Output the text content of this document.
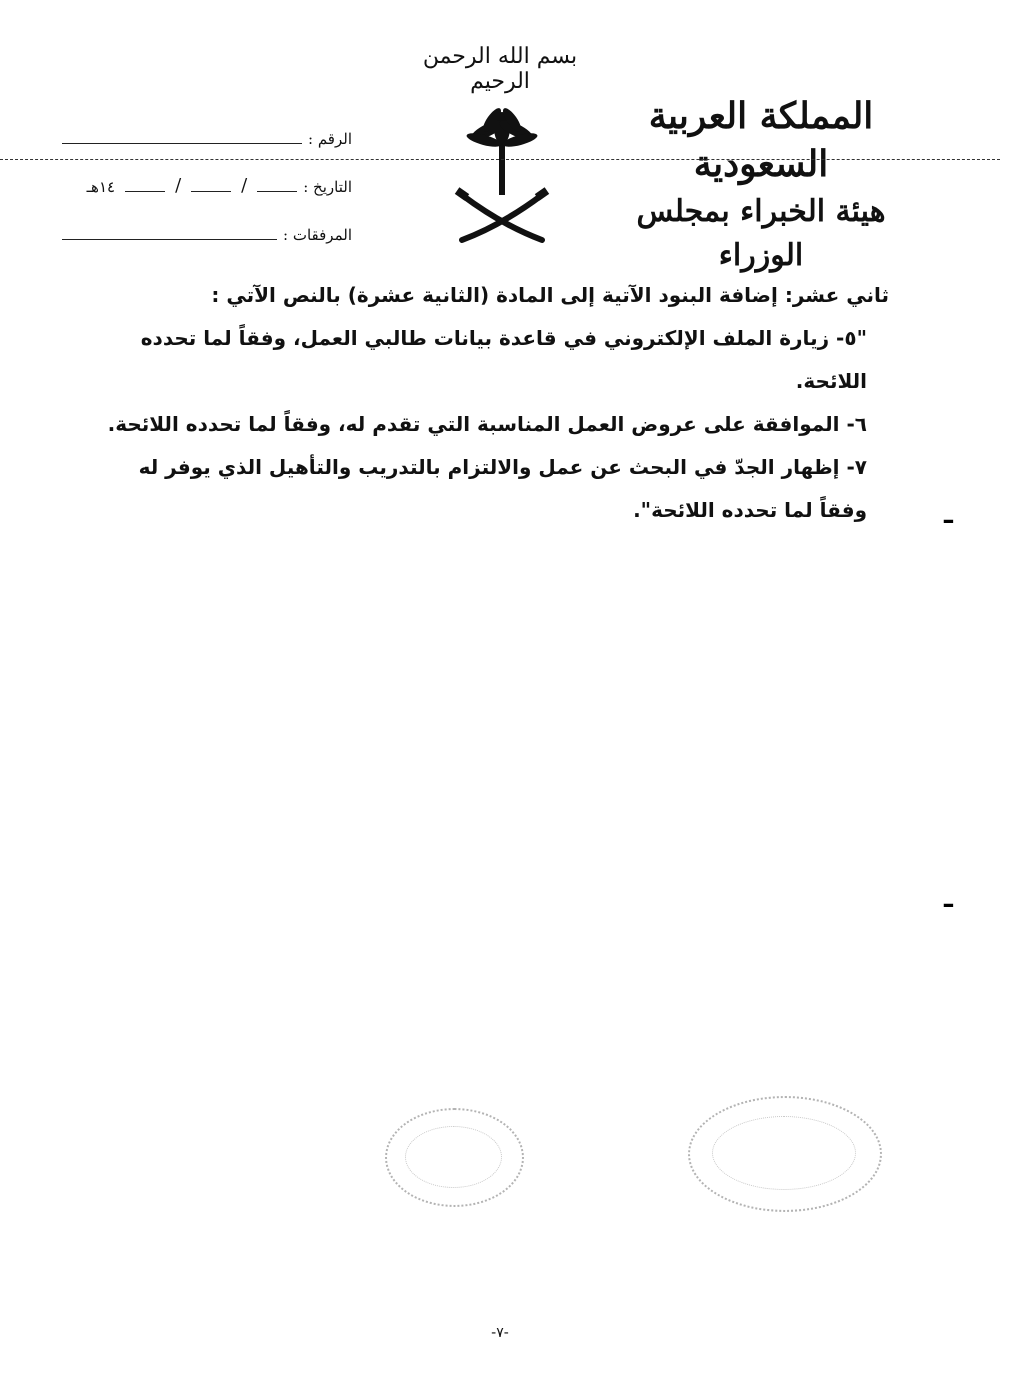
بسم الله الرحمن الرحيم
المملكة العربية السعودية
هيئة الخبراء بمجلس الوزراء
الرقم :
التاريخ :
/
/
١٤هـ
المرفقات :

ثاني عشر: إضافة البنود الآتية إلى المادة (الثانية عشرة) بالنص الآتي :

"٥- زيارة الملف الإلكتروني في قاعدة بيانات طالبي العمل، وفقاً لما تحدده اللائحة.

٦- الموافقة على عروض العمل المناسبة التي تقدم له، وفقاً لما تحدده اللائحة.

٧- إظهار الجدّ في البحث عن عمل والالتزام بالتدريب والتأهيل الذي يوفر له وفقاً لما تحدده اللائحة".	ـ
ـ
-٧-
